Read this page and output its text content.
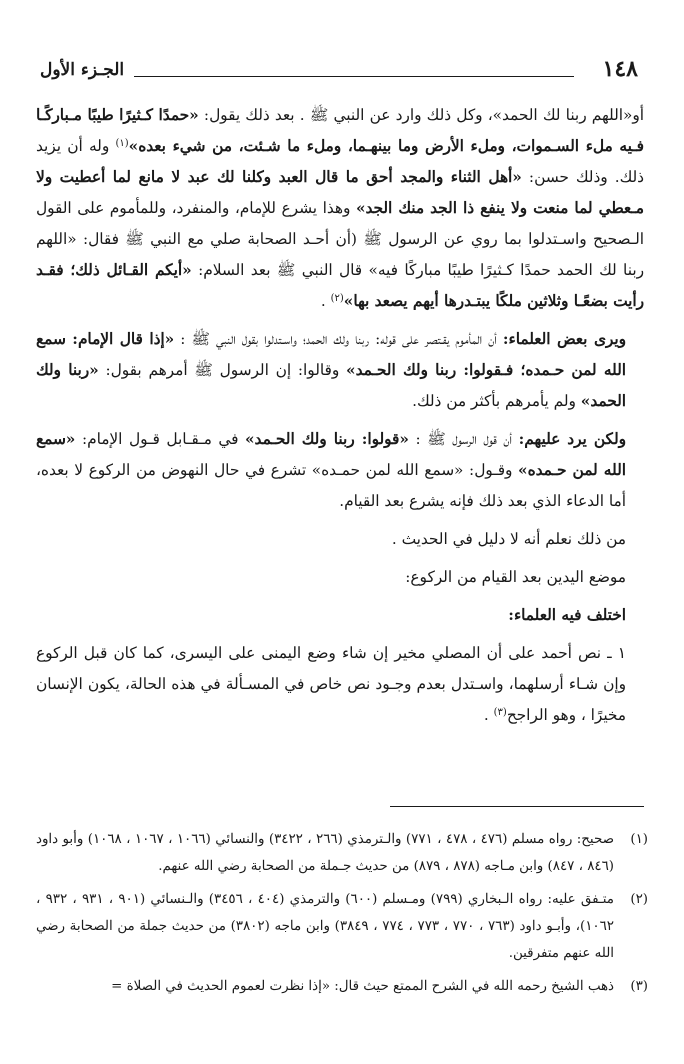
١٤٨
الجـزء الأول

أو«اللهم ربنا لك الحمد»، وكل ذلك وارد عن النبي ﷺ . بعد ذلك يقول: «حمدًا كـثيرًا طيبًا مـباركًـا فـيه ملء السـموات، وملء الأرض وما بينهـما، وملء ما شـئت، من شيء بعده»$^{(١)}$ وله أن يزيد ذلك. وذلك حسن: «أهل الثناء والمجد أحق ما قال العبد وكلنا لك عبد لا مانع لما أعطيت ولا مـعطي لما منعت ولا ينفع ذا الجد منك الجد» وهذا يشرع للإمام، والمنفرد، وللمأموم على القول الـصحيح واسـتدلوا بما روي عن الرسول ﷺ (أن أحـد الصحابة صلي مع النبي ﷺ فقال: «اللهم ربنا لك الحمد حمدًا كـثيرًا طيبًا مباركًا فيه» قال النبي ﷺ بعد السلام: «أيكم القـائل ذلك؛ فقـد رأيت بضعًـا وثلاثين ملكًا يبتـدرها أيهم يصعد بها»$^{(٢)}$ .

ويرى بعض العلماء: أن المأموم يقـتصر على قوله: ربنا ولك الحمد؛ واسـتدلوا بقول النبي ﷺ : «إذا قال الإمام: سمع الله لمن حـمده؛ فـقولوا: ربنا ولك الحـمد» وقالوا: إن الرسول ﷺ أمرهم بقول: «ربنا ولك الحمد» ولم يأمرهم بأكثر من ذلك.

ولكن يرد عليهم: أن قول الرسول ﷺ : «قولوا: ربنا ولك الحـمد» في مـقـابل قـول الإمام: «سمع الله لمن حـمده» وقـول: «سمع الله لمن حمـده» تشرع في حال النهوض من الركوع لا بعده، أما الدعاء الذي بعد ذلك فإنه يشرع بعد القيام.

من ذلك نعلم أنه لا دليل في الحديث .

موضع اليدين بعد القيام من الركوع:

اختلف فيه العلماء:

١ ـ نص أحمد على أن المصلي مخير إن شاء وضع اليمنى على اليسرى، كما كان قبل الركوع وإن شـاء أرسلهما، واسـتدل بعدم وجـود نص خاص في المسـألة في هذه الحالة، يكون الإنسان مخيرًا ، وهو الراجح$^{(٣)}$ .

(١)
صحيح: رواه مسلم (٤٧٦ ، ٤٧٨ ، ٧٧١) والـترمذي (٢٦٦ ، ٣٤٢٢) والنسائي (١٠٦٦ ، ١٠٦٧ ، ١٠٦٨) وأبو داود (٨٤٦ ، ٨٤٧) وابن مـاجه (٨٧٨ ، ٨٧٩) من حديث جـملة من الصحابة رضي الله عنهم.
(٢)
متـفق عليه: رواه الـبخاري (٧٩٩) ومـسلم (٦٠٠) والترمذي (٤٠٤ ، ٣٤٥٦) والـنسائي (٩٠١ ، ٩٣١ ، ٩٣٢ ، ١٠٦٢)، وأبـو داود (٧٦٣ ، ٧٧٠ ، ٧٧٣ ، ٧٧٤ ، ٣٨٤٩) وابن ماجه (٣٨٠٢) من حديث جملة من الصحابة رضي الله عنهم متفرقين.
(٣)
ذهب الشيخ رحمه الله في الشرح الممتع حيث قال: «إذا نظرت لعموم الحديث في الصلاة =
